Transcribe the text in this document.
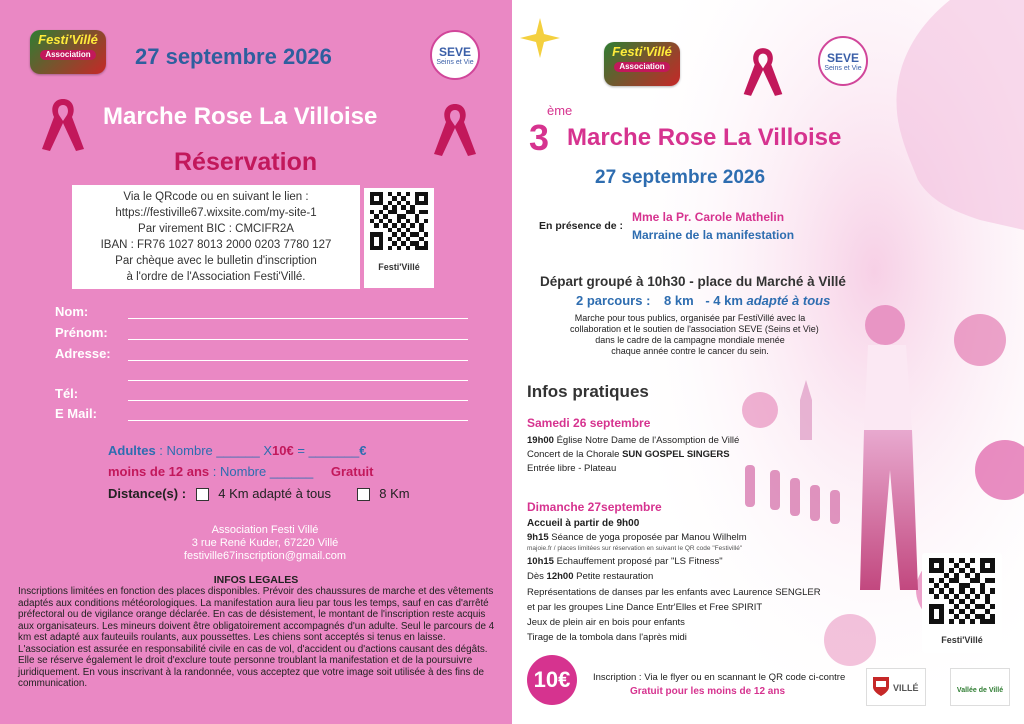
Festi'Villé
Association	SEVE
Seins et Vie
27 septembre 2026
Marche Rose La Villoise
Réservation
Via le QRcode ou en suivant le lien :
https://festiville67.wixsite.com/my-site-1
Par virement BIC : CMCIFR2A
IBAN : FR76 1027 8013 2000 0203 7780 127
Par chèque avec le bulletin d'inscription
à l'ordre de l'Association Festi'Villé.
Festi'Villé
Nom:
Prénom:
Adresse:
Tél:
E Mail:
Adultes : Nombre ______ X10€ = _______€
moins de 12 ans : Nombre ______ Gratuit
Distance(s) : 4 Km adapté à tous	8 Km
Association Festi Villé
3 rue René Kuder, 67220 Villé
festiville67inscription@gmail.com
INFOS LEGALES
Inscriptions limitées en fonction des places disponibles. Prévoir des chaussures de marche et des vêtements adaptés aux conditions météorologiques. La manifestation aura lieu par tous les temps, sauf en cas d'arrêté préfectoral ou de vigilance orange déclarée. En cas de désistement, le montant de l'inscription reste acquis aux organisateurs. Les mineurs doivent être obligatoirement accompagnés d'un adulte. Seul le parcours de 4 km est adapté aux fauteuils roulants, aux poussettes. Les chiens sont acceptés si tenus en laisse. L'association est assurée en responsabilité civile en cas de vol, d'accident ou d'actions causant des dégâts. Elle se réserve également le droit d'exclure toute personne troublant la manifestation et de la poursuivre juridiquement. En vous inscrivant à la randonnée, vous acceptez que votre image soit utilisée à des fins de communication.
Festi'Villé
Association
SEVE
Seins et Vie
3
ème
Marche Rose La Villoise
27 septembre 2026
En présence de :
Mme la Pr. Carole Mathelin
Marraine de la manifestation
Départ groupé à 10h30 - place du Marché à Villé
2 parcours : 8 km - 4 km adapté à tous
Marche pour tous publics, organisée par FestiVillé avec la
collaboration et le soutien de l'association SEVE (Seins et Vie)
dans le cadre de la campagne mondiale menée
chaque année contre le cancer du sein.
Infos pratiques
Samedi 26 septembre
19h00 Église Notre Dame de l'Assomption de Villé
Concert de la Chorale SUN GOSPEL SINGERS
Entrée libre - Plateau
Dimanche 27septembre
Accueil à partir de 9h00
9h15 Séance de yoga proposée par Manou Wilhelm
majoie.fr / places limitées sur réservation en suivant le QR code "Festivillé"
10h15 Echauffement proposé par "LS Fitness"
Dès 12h00 Petite restauration
Représentations de danses par les enfants avec Laurence SENGLER
et par les groupes Line Dance Entr'Elles et Free SPIRIT
Jeux de plein air en bois pour enfants
Tirage de la tombola dans l'après midi	Festi'Villé
10€	Inscription : Via le flyer ou en scannant le QR code ci-contre
Gratuit pour les moins de 12 ans	VILLÉ	Vallée de Villé
